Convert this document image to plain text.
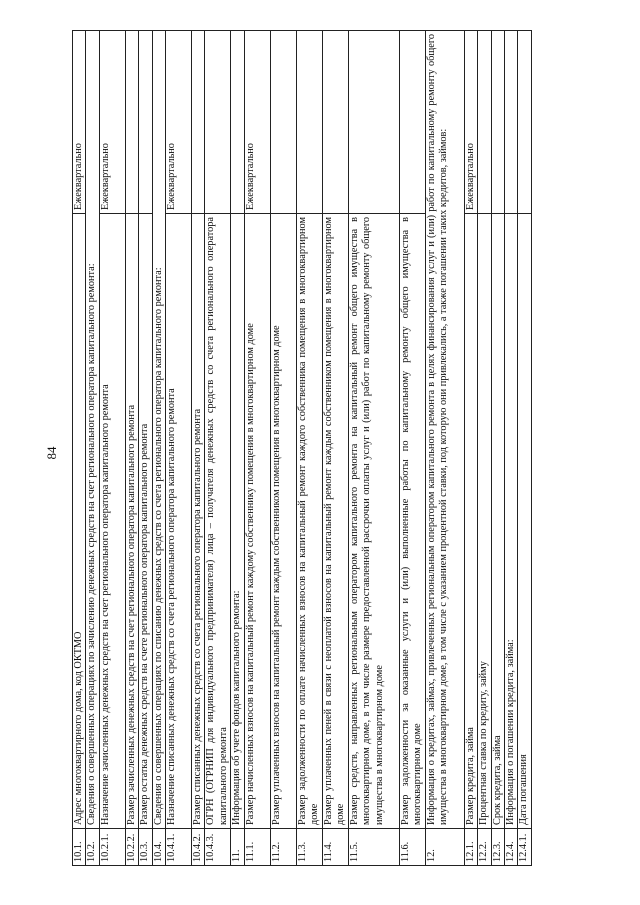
84
10.1.	Адрес многоквартирного дома, код ОКТМО	Ежеквартально
10.2.	Сведения о совершенных операциях по зачислению денежных средств на счет регионального оператора капитального ремонта:	
10.2.1.	Назначение зачисленных денежных средств на счет регионального оператора капитального ремонта	Ежеквартально
10.2.2.	Размер зачисленных денежных средств на счет регионального оператора капитального ремонта	
10.3.	Размер остатка денежных средств на счете регионального оператора капитального ремонта	
10.4.	Сведения о совершенных операциях по списанию денежных средств со счета регионального оператора капитального ремонта:	
10.4.1.	Назначение списанных денежных средств со счета регионального оператора капитального ремонта	Ежеквартально
10.4.2.	Размер списанных денежных средств со счета регионального оператора капитального ремонта	
10.4.3.	ОГРН (ОГРНИП для индивидуального предпринимателя) лица – получателя денежных средств со счета регионального оператора капитального ремонта	
11.	Информация об учете фондов капитального ремонта:	
11.1.	Размер начисленных взносов на капитальный ремонт каждому собственнику помещения в многоквартирном доме	Ежеквартально
11.2.	Размер уплаченных взносов на капитальный ремонт каждым собственником помещения в многоквартирном доме	
11.3.	Размер задолженности по оплате начисленных взносов на капитальный ремонт каждого собственника помещения в многоквартирном доме	
11.4.	Размер уплаченных пеней в связи с неоплатой взносов на капитальный ремонт каждым собственником помещения в многоквартирном доме	
11.5.	Размер средств, направленных региональным оператором капитального ремонта на капитальный ремонт общего имущества в многоквартирном доме, в том числе размере предоставленной рассрочки оплаты услуг и (или) работ по капитальному ремонту общего имущества в многоквартирном доме	
11.6.	Размер задолженности за оказанные услуги и (или) выполненные работы по капитальному ремонту общего имущества в многоквартирном доме	
12.	Информация о кредитах, займах, привлеченных региональным оператором капитального ремонта в целях финансирования услуг и (или) работ по капитальному ремонту общего имущества в многоквартирном доме, в том числе с указанием процентной ставки, под которую они привлекались, а также погашении таких кредитов, займов:	
12.1.	Размер кредита, займа	Ежеквартально
12.2.	Процентная ставка по кредиту, займу	
12.3.	Срок кредита, займа	
12.4.	Информация о погашении кредита, займа:	
12.4.1.	Дата погашения	
